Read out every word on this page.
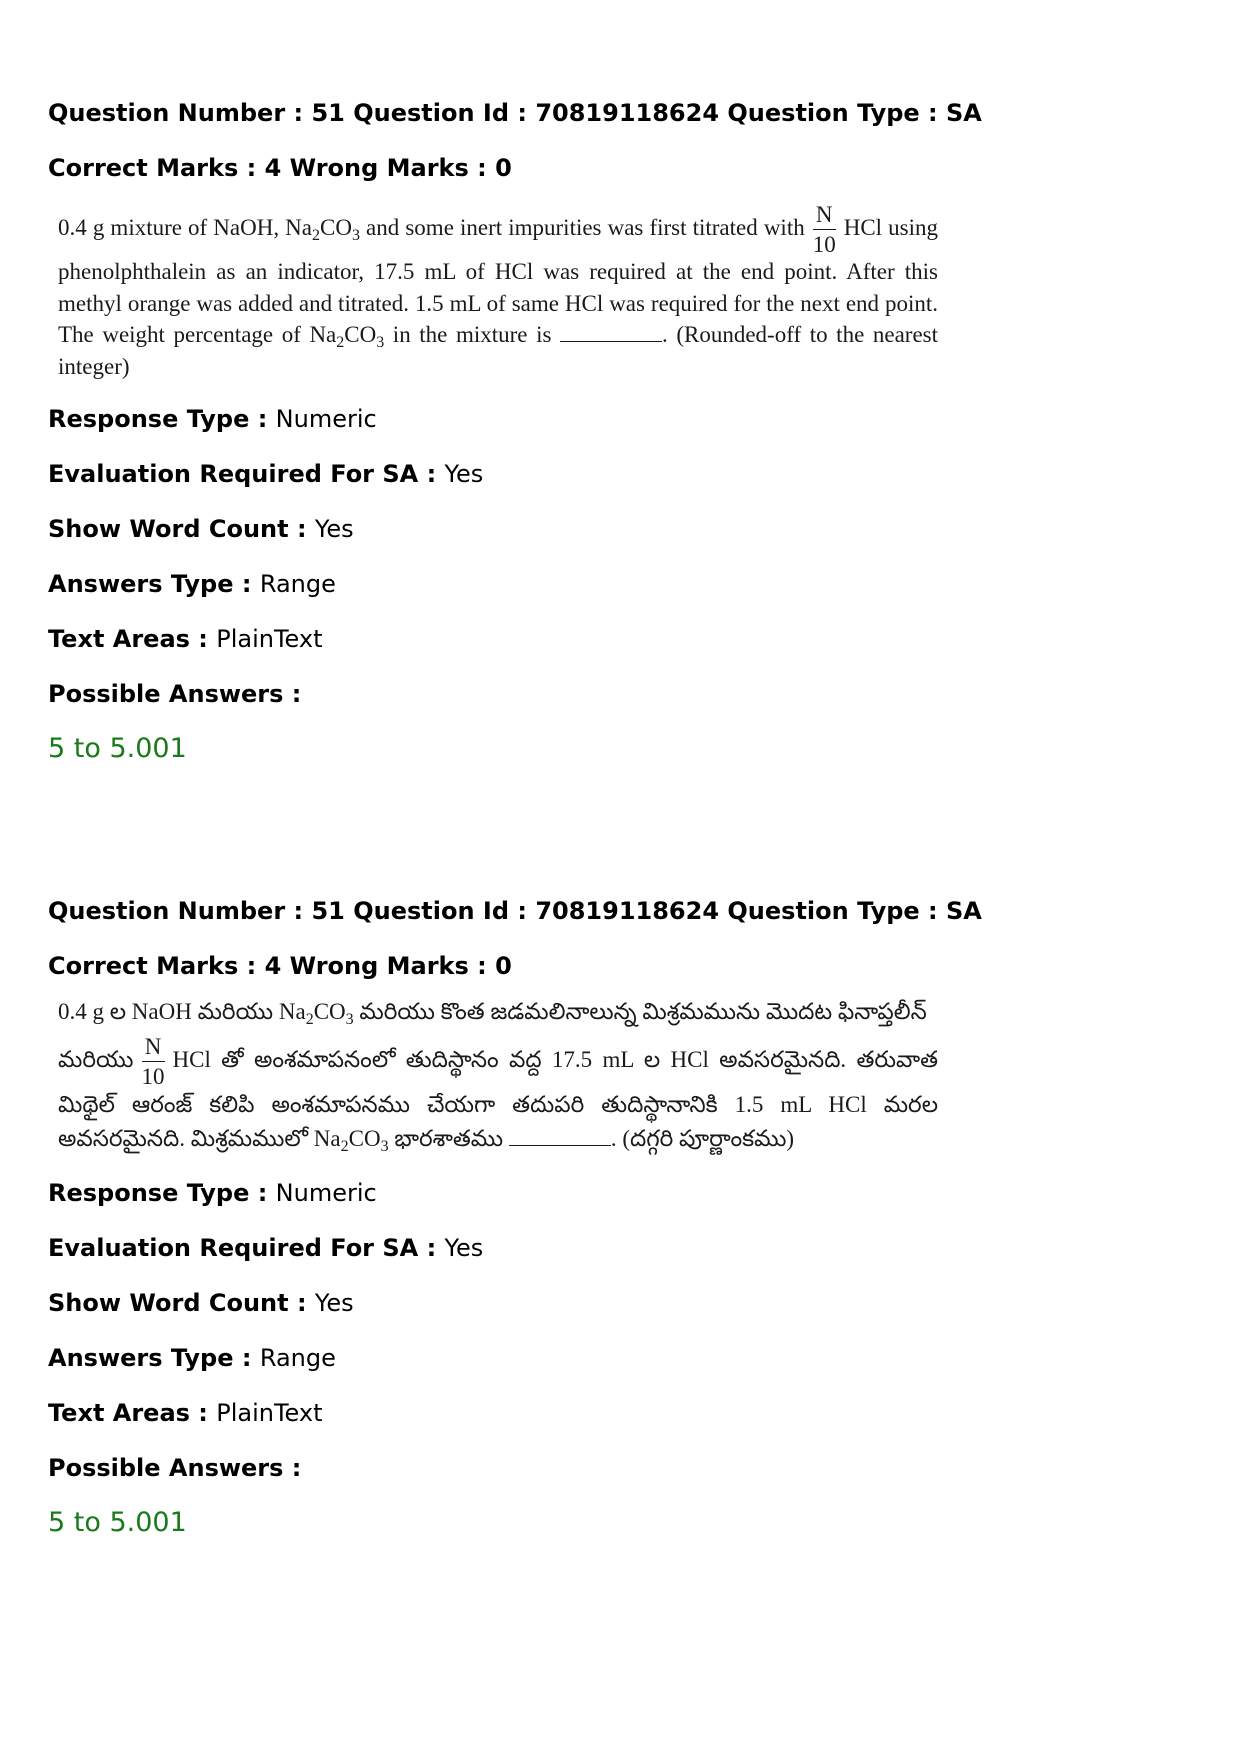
Question Number : 51 Question Id : 70819118624 Question Type : SA

Correct Marks : 4 Wrong Marks : 0

0.4 g mixture of NaOH, $Na_2CO_3$ and some inert impurities was first titrated with $\frac{N}{10}$ HCl using phenolphthalein as an indicator, 17.5 mL of HCl was required at the end point. After this methyl orange was added and titrated. 1.5 mL of same HCl was required for the next end point. The weight percentage of $Na_2CO_3$ in the mixture is	. (Rounded-off to the nearest integer)

Response Type : Numeric

Evaluation Required For SA : Yes

Show Word Count : Yes

Answers Type : Range

Text Areas : PlainText

Possible Answers :

5 to 5.001

Question Number : 51 Question Id : 70819118624 Question Type : SA

Correct Marks : 4 Wrong Marks : 0

0.4 g ల NaOH మరియు $Na_2CO_3$ మరియు కొంత జడమలినాలున్న మిశ్రమమును మొదట ఫినాప్తలీన్
మరియు $\frac{N}{10}$ HCl తో అంశమాపనంలో తుదిస్థానం వద్ద 17.5 mL ల HCl అవసరమైనది. తరువాత మిథైల్ ఆరంజ్ కలిపి అంశమాపనము చేయగా తదుపరి తుదిస్థానానికి 1.5 mL HCl మరల అవసరమైనది. మిశ్రమములో $Na_2CO_3$ భారశాతము	. (దగ్గరి పూర్ణాంకము)

Response Type : Numeric

Evaluation Required For SA : Yes

Show Word Count : Yes

Answers Type : Range

Text Areas : PlainText

Possible Answers :

5 to 5.001
